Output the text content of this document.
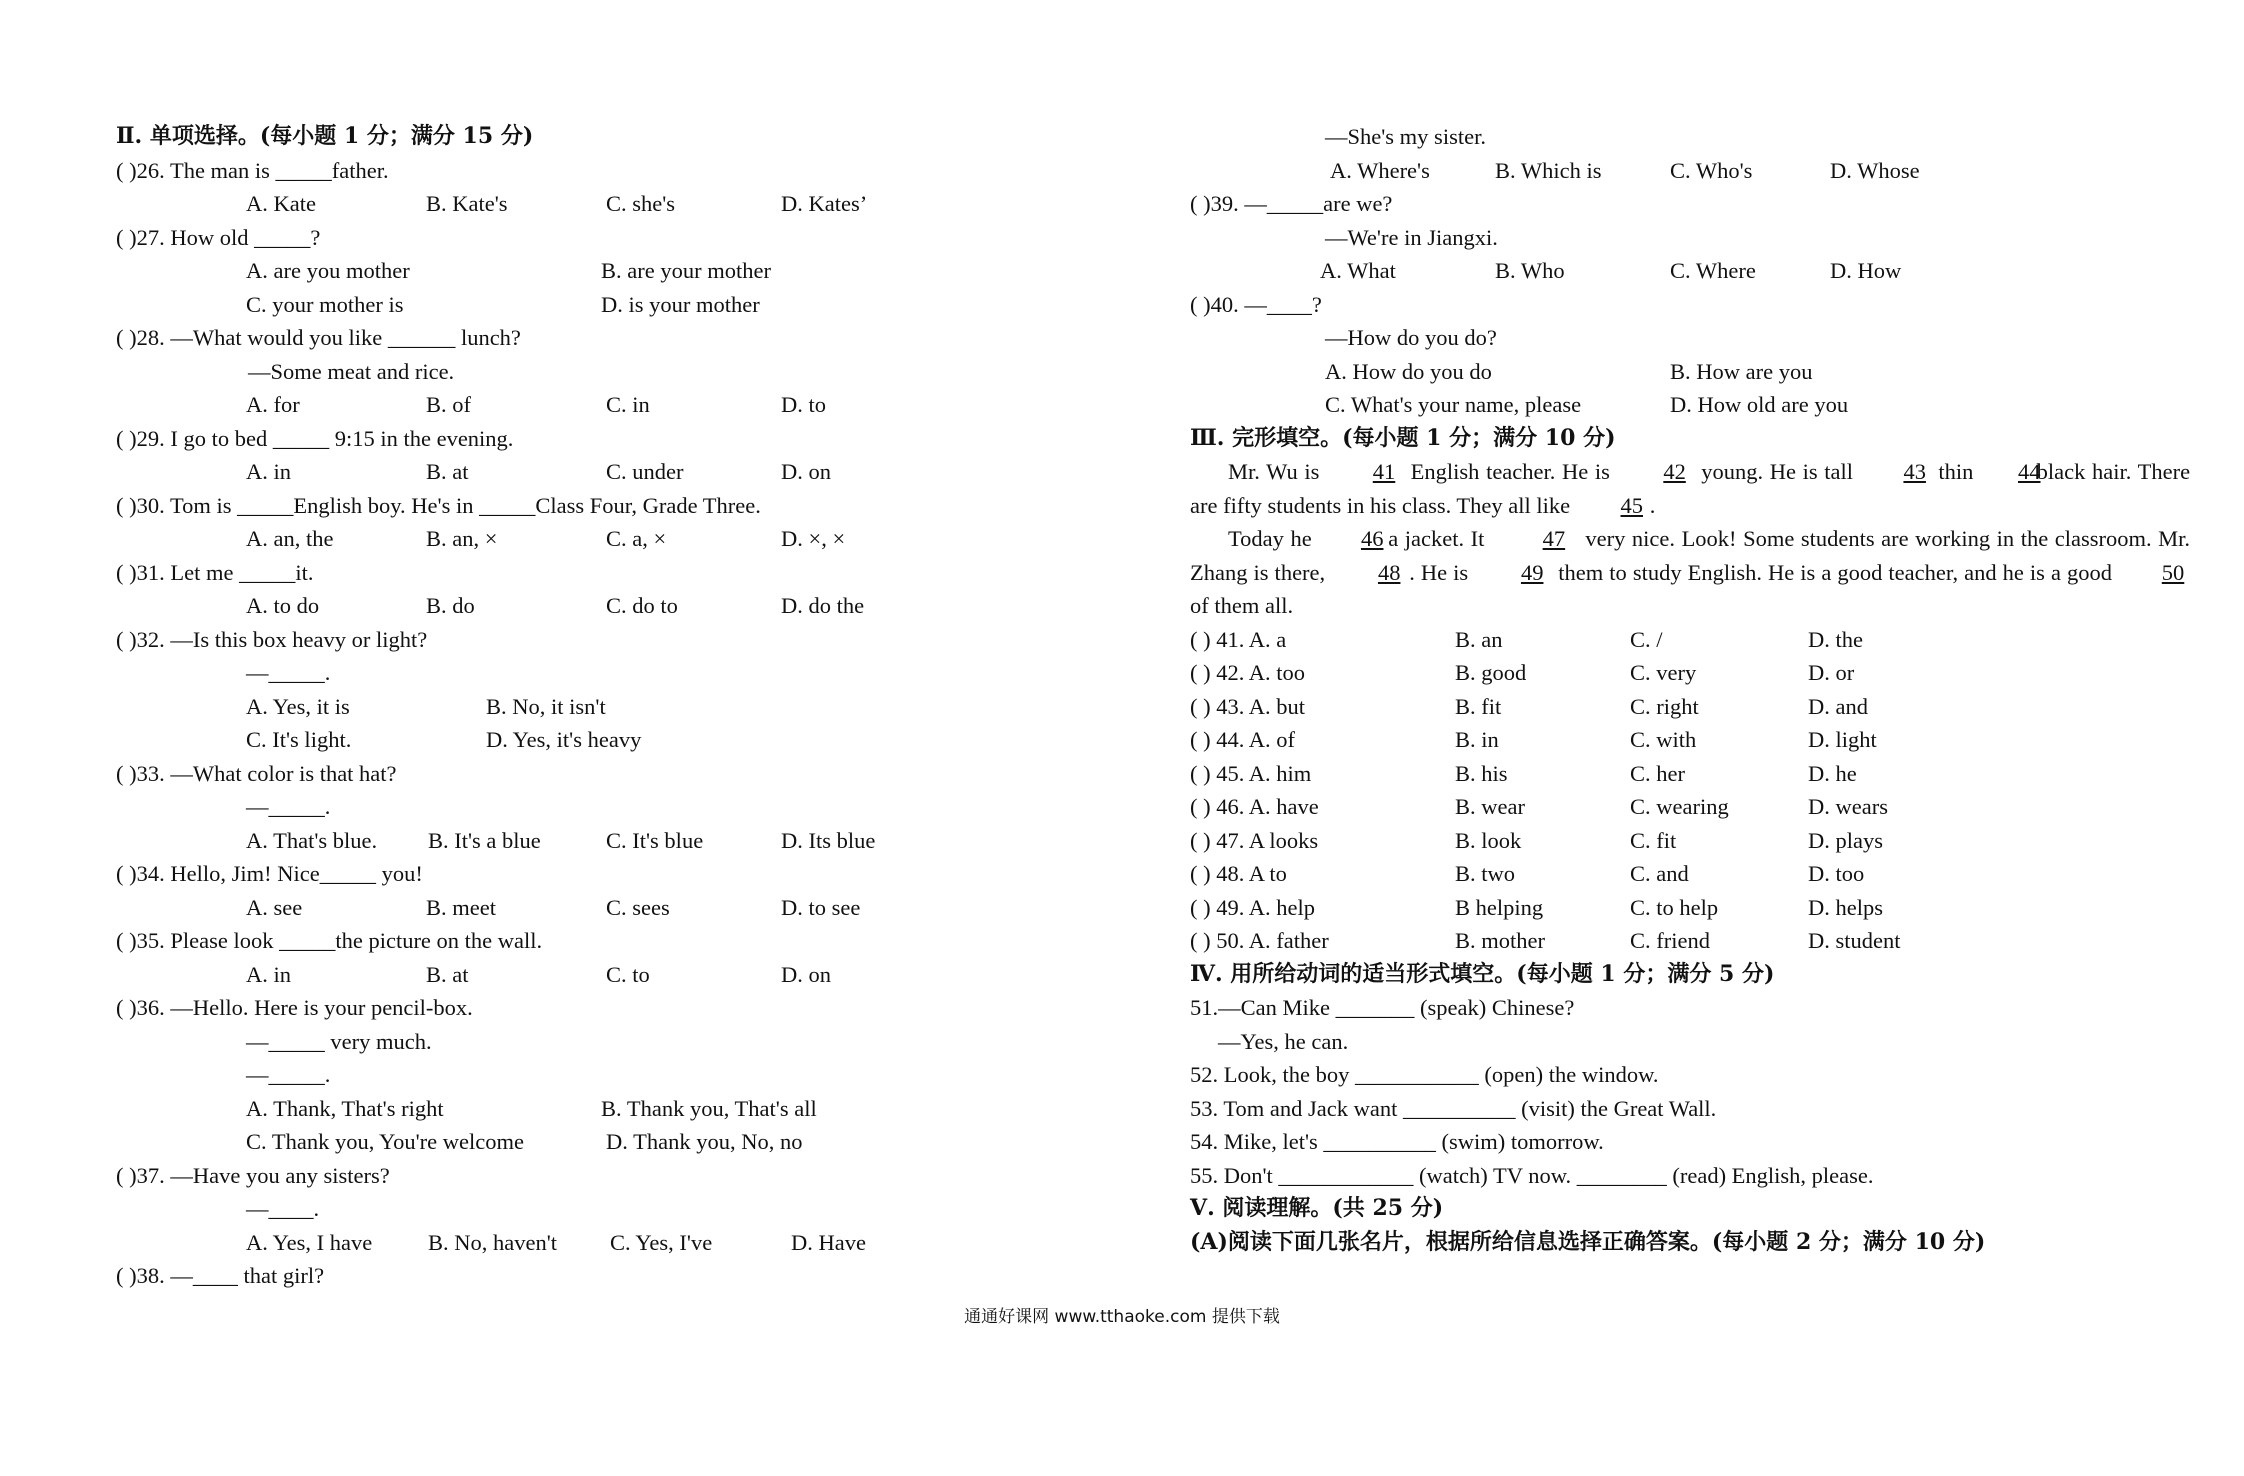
Ⅱ. 单项选择。(每小题 1 分；满分 15 分)
( )26. The man is _____father.
A. Kate	B. Kate's	C. she's	D. Kates’
( )27. How old _____?
A. are you mother	B. are your mother
C. your mother is	D. is your mother
( )28. —What would you like ______ lunch?
—Some meat and rice.
A. for	B. of	C. in	D. to
( )29. I go to bed _____ 9:15 in the evening.
A. in	B. at	C. under	D. on
( )30. Tom is _____English boy. He's in _____Class Four, Grade Three.
A. an, the	B. an, ×	C. a, ×	D. ×, ×
( )31. Let me _____it.
A. to do	B. do	C. do to	D. do the
( )32. —Is this box heavy or light?
—_____.
A. Yes, it is	B. No, it isn't
C. It's light.	D. Yes, it's heavy
( )33. —What color is that hat?
—_____.
A. That's blue. B. It's a blue	C. It's blue	D. Its blue
( )34. Hello, Jim! Nice_____ you!
A. see	B. meet	C. sees	D. to see
( )35. Please look _____the picture on the wall.
A. in	B. at	C. to	D. on
( )36. —Hello. Here is your pencil-box.
—_____ very much.
—_____.
A. Thank, That's right	B. Thank you, That's all
C. Thank you, You're welcome	D. Thank you, No, no
( )37. —Have you any sisters?
—____.
A. Yes, I have B. No, haven't C. Yes, I've	D. Have
( )38. —____ that girl?
—She's my sister.
A. Where's	B. Which is	C. Who's	D. Whose
( )39. —_____are we?
—We're in Jiangxi.
A. What	B. Who	C. Where	D. How
( )40. —____?
—How do you do?
A. How do you do	B. How are you
C. What's your name, please	D. How old are you
Ⅲ. 完形填空。(每小题 1 分；满分 10 分)
Mr. Wu is 41 English teacher. He is 42 young. He is tall 43 thin 44 black hair. There are fifty students in his class. They all like 45 .
Today he 46 a jacket. It	47 very nice. Look! Some students are working in the classroom. Mr. Zhang is there, 48 . He is 49 them to study English. He is a good teacher, and he is a good 50 of them all.
( ) 41. A. a	B. an	C. /	D. the
( ) 42. A. too	B. good	C. very	D. or
( ) 43. A. but	B. fit	C. right	D. and
( ) 44. A. of	B. in	C. with	D. light
( ) 45. A. him	B. his	C. her	D. he
( ) 46. A. have	B. wear	C. wearing	D. wears
( ) 47. A looks	B. look	C. fit	D. plays
( ) 48. A to	B. two	C. and	D. too
( ) 49. A. help	B helping	C. to help	D. helps
( ) 50. A. father	B. mother	C. friend	D. student
Ⅳ. 用所给动词的适当形式填空。(每小题 1 分；满分 5 分)
51.—Can Mike _______ (speak) Chinese?
—Yes, he can.
52. Look, the boy ___________ (open) the window.
53. Tom and Jack want __________ (visit) the Great Wall.
54. Mike, let's __________ (swim) tomorrow.
55. Don't ____________ (watch) TV now. ________ (read) English, please.
Ⅴ. 阅读理解。(共 25 分)
(A)阅读下面几张名片，根据所给信息选择正确答案。(每小题 2 分；满分 10 分)
通通好课网 www.tthaoke.com 提供下载
